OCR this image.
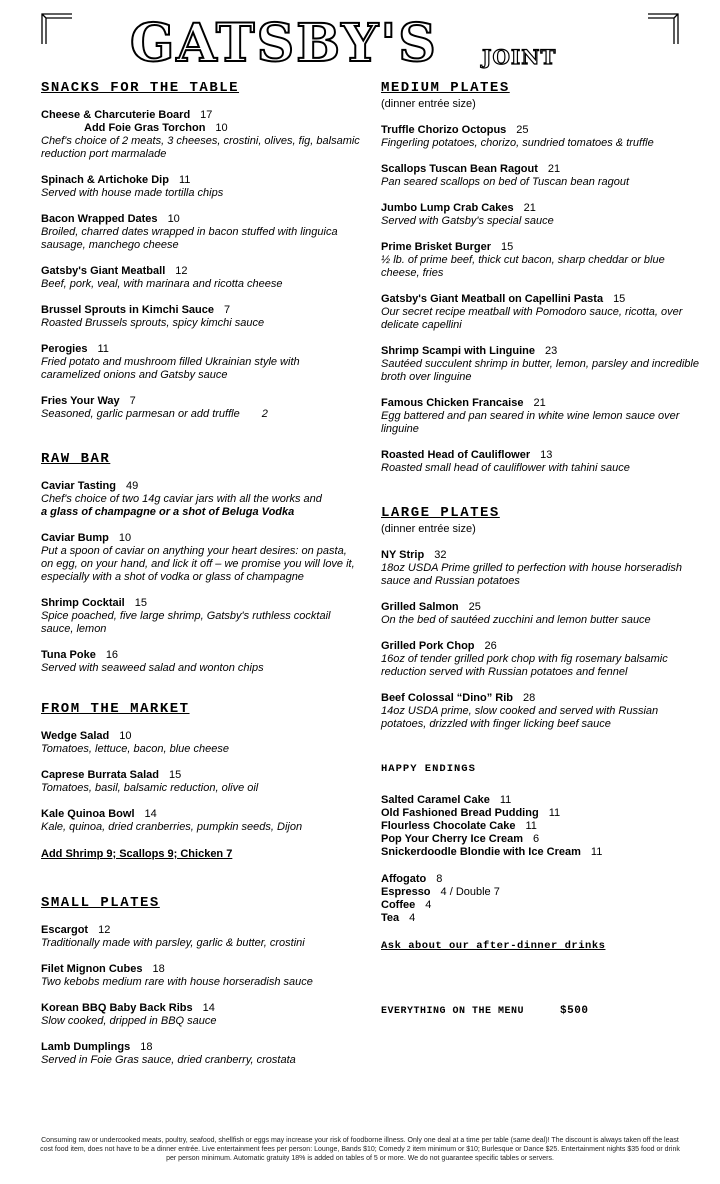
GATSBY'S JOINT
SNACKS FOR THE TABLE
Cheese & Charcuterie Board 17
Add Foie Gras Torchon 10
Chef's choice of 2 meats, 3 cheeses, crostini, olives, fig, balsamic reduction port marmalade
Spinach & Artichoke Dip 11
Served with house made tortilla chips
Bacon Wrapped Dates 10
Broiled, charred dates wrapped in bacon stuffed with linguica sausage, manchego cheese
Gatsby's Giant Meatball 12
Beef, pork, veal, with marinara and ricotta cheese
Brussel Sprouts in Kimchi Sauce 7
Roasted Brussels sprouts, spicy kimchi sauce
Perogies 11
Fried potato and mushroom filled Ukrainian style with caramelized onions and Gatsby sauce
Fries Your Way 7
Seasoned, garlic parmesan or add truffle 2
RAW BAR
Caviar Tasting 49
Chef's choice of two 14g caviar jars with all the works and
a glass of champagne or a shot of Beluga Vodka
Caviar Bump 10
Put a spoon of caviar on anything your heart desires: on pasta, on egg, on your hand, and lick it off – we promise you will love it, especially with a shot of vodka or glass of champagne
Shrimp Cocktail 15
Spice poached, five large shrimp, Gatsby's ruthless cocktail sauce, lemon
Tuna Poke 16
Served with seaweed salad and wonton chips
FROM THE MARKET
Wedge Salad 10
Tomatoes, lettuce, bacon, blue cheese
Caprese Burrata Salad 15
Tomatoes, basil, balsamic reduction, olive oil
Kale Quinoa Bowl 14
Kale, quinoa, dried cranberries, pumpkin seeds, Dijon
Add Shrimp 9; Scallops 9; Chicken 7
SMALL PLATES
Escargot 12
Traditionally made with parsley, garlic & butter, crostini
Filet Mignon Cubes 18
Two kebobs medium rare with house horseradish sauce
Korean BBQ Baby Back Ribs 14
Slow cooked, dripped in BBQ sauce
Lamb Dumplings 18
Served in Foie Gras sauce, dried cranberry, crostata
MEDIUM PLATES
(dinner entrée size)
Truffle Chorizo Octopus 25
Fingerling potatoes, chorizo, sundried tomatoes & truffle
Scallops Tuscan Bean Ragout 21
Pan seared scallops on bed of Tuscan bean ragout
Jumbo Lump Crab Cakes 21
Served with Gatsby's special sauce
Prime Brisket Burger 15
½ lb. of prime beef, thick cut bacon, sharp cheddar or blue cheese, fries
Gatsby's Giant Meatball on Capellini Pasta 15
Our secret recipe meatball with Pomodoro sauce, ricotta, over delicate capellini
Shrimp Scampi with Linguine 23
Sautéed succulent shrimp in butter, lemon, parsley and incredible broth over linguine
Famous Chicken Francaise 21
Egg battered and pan seared in white wine lemon sauce over linguine
Roasted Head of Cauliflower 13
Roasted small head of cauliflower with tahini sauce
LARGE PLATES
(dinner entrée size)
NY Strip 32
18oz USDA Prime grilled to perfection with house horseradish sauce and Russian potatoes
Grilled Salmon 25
On the bed of sautéed zucchini and lemon butter sauce
Grilled Pork Chop 26
16oz of tender grilled pork chop with fig rosemary balsamic reduction served with Russian potatoes and fennel
Beef Colossal “Dino” Rib 28
14oz USDA prime, slow cooked and served with Russian potatoes, drizzled with finger licking beef sauce
HAPPY ENDINGS
Salted Caramel Cake 11
Old Fashioned Bread Pudding 11
Flourless Chocolate Cake 11
Pop Your Cherry Ice Cream 6
Snickerdoodle Blondie with Ice Cream 11
Affogato 8
Espresso 4 / Double 7
Coffee 4
Tea 4
Ask about our after-dinner drinks
EVERYTHING ON THE MENU	$500
Consuming raw or undercooked meats, poultry, seafood, shellfish or eggs may increase your risk of foodborne illness. Only one deal at a time per table (same deal)! The discount is always taken off the least cost food item, does not have to be a dinner entrée. Live entertainment fees per person: Lounge, Bands $10; Comedy 2 item minimum or $10; Burlesque or Dance $25. Entertainment nights $35 food or drink per person minimum. Automatic gratuity 18% is added on tables of 5 or more. We do not guarantee specific tables or servers.
